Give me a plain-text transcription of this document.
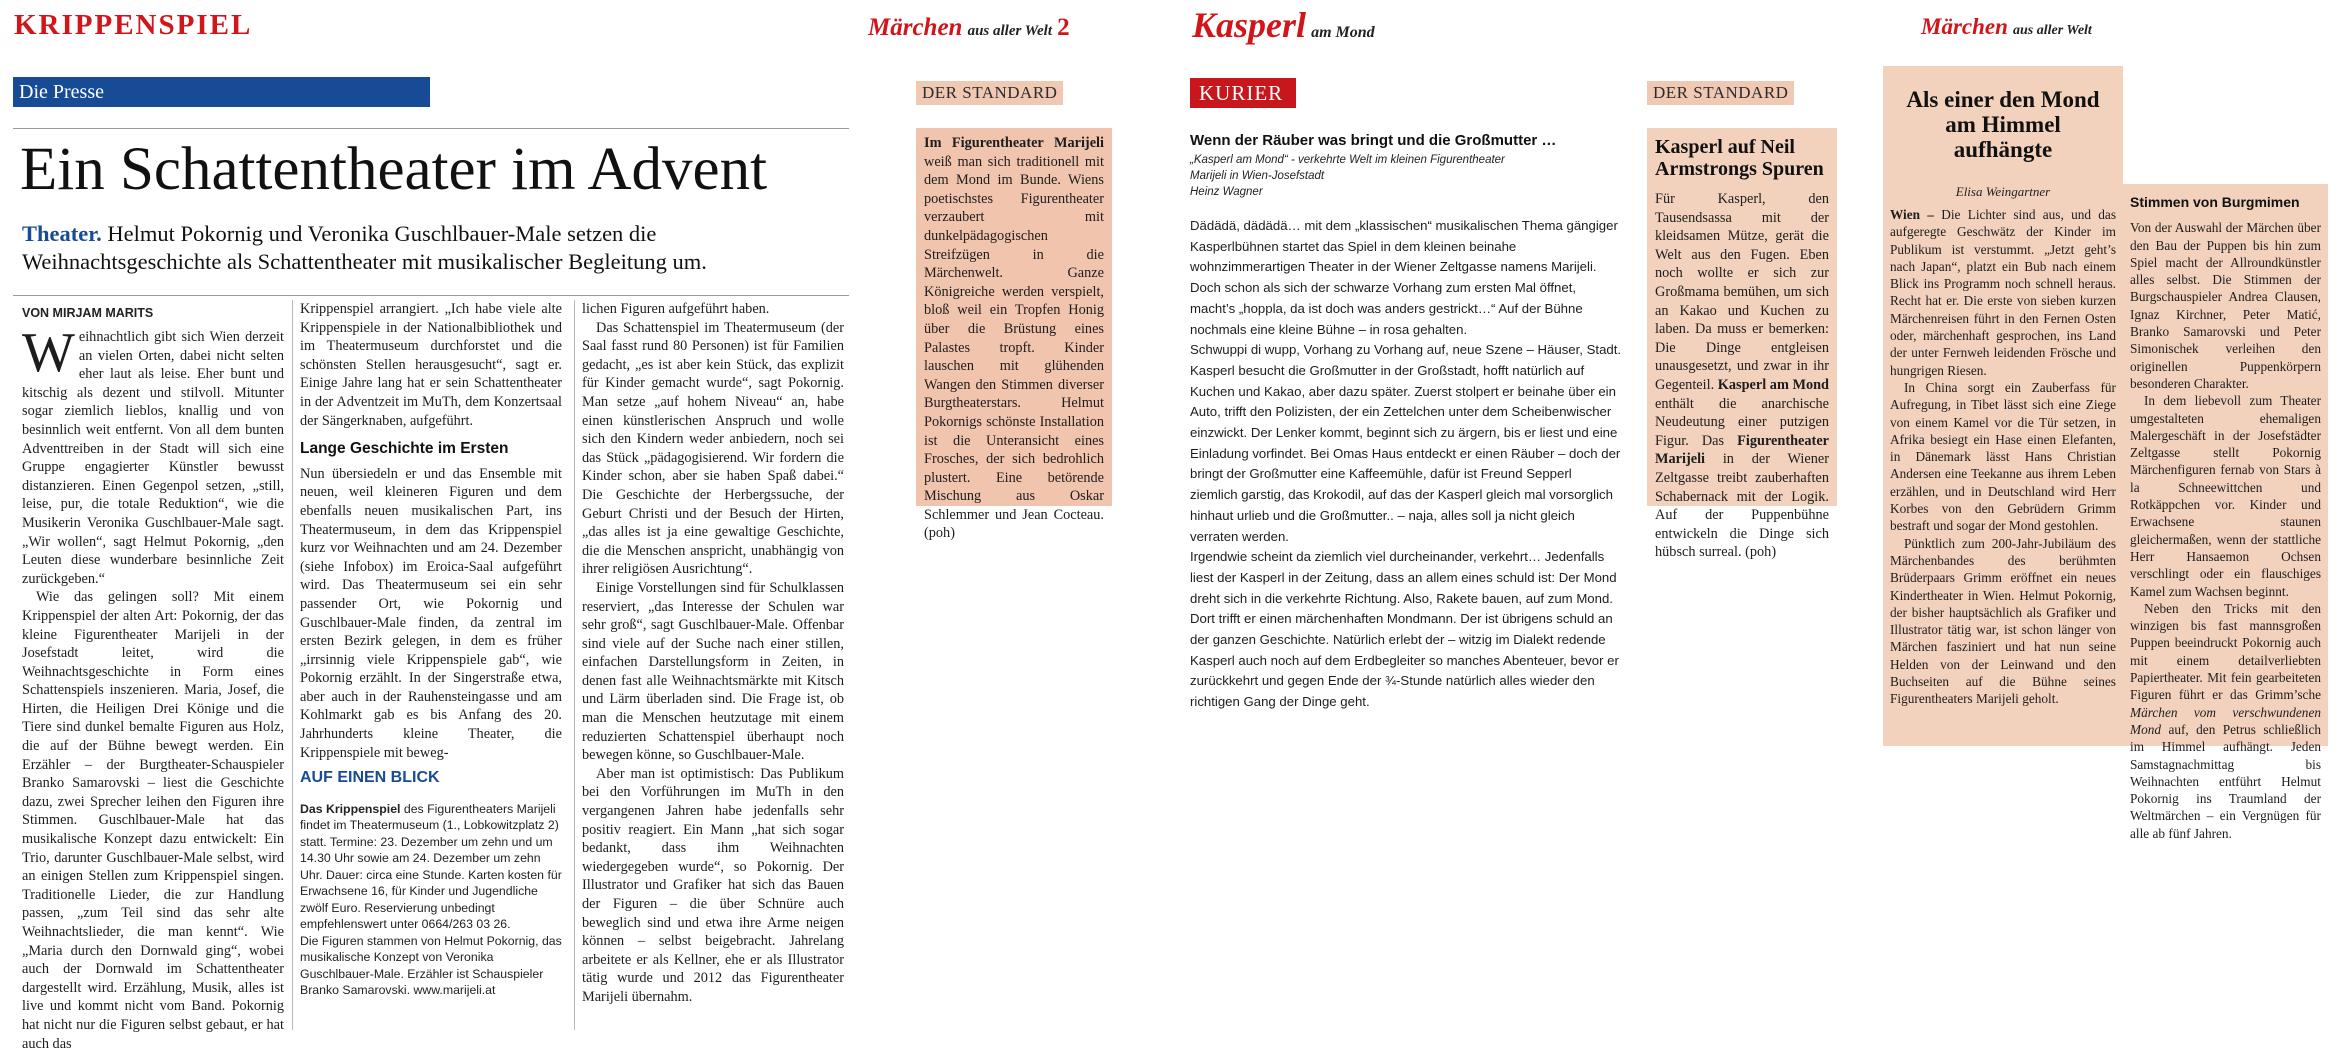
KRIPPENSPIEL	Märchen aus aller Welt 2	Kasperl am Mond	Märchen aus aller Welt
Die Presse
Ein Schattentheater im Advent
Theater. Helmut Pokornig und Veronika Guschlbauer-Male setzen die Weihnachtsgeschichte als Schattentheater mit musikalischer Begleitung um.
VON MIRJAM MARITS

Weihnachtlich gibt sich Wien derzeit an vielen Orten, dabei nicht selten eher laut als leise. Eher bunt und kitschig als dezent und stilvoll. Mitunter sogar ziemlich lieblos, knallig und von besinnlich weit entfernt. Von all dem bunten Adventtreiben in der Stadt will sich eine Gruppe engagierter Künstler bewusst distanzieren. Einen Gegenpol setzen, „still, leise, pur, die totale Reduktion“, wie die Musikerin Veronika Guschlbauer-Male sagt. „Wir wollen“, sagt Helmut Pokornig, „den Leuten diese wunderbare besinnliche Zeit zurückgeben.“

Wie das gelingen soll? Mit einem Krippenspiel der alten Art: Pokornig, der das kleine Figurentheater Marijeli in der Josefstadt leitet, wird die Weihnachtsgeschichte in Form eines Schattenspiels inszenieren. Maria, Josef, die Hirten, die Heiligen Drei Könige und die Tiere sind dunkel bemalte Figuren aus Holz, die auf der Bühne bewegt werden. Ein Erzähler – der Burgtheater-Schauspieler Branko Samarovski – liest die Geschichte dazu, zwei Sprecher leihen den Figuren ihre Stimmen. Guschlbauer-Male hat das musikalische Konzept dazu entwickelt: Ein Trio, darunter Guschlbauer-Male selbst, wird an einigen Stellen zum Krippenspiel singen. Traditionelle Lieder, die zur Handlung passen, „zum Teil sind das sehr alte Weihnachtslieder, die man kennt“. Wie „Maria durch den Dornwald ging“, wobei auch der Dornwald im Schattentheater dargestellt wird. Erzählung, Musik, alles ist live und kommt nicht vom Band. Pokornig hat nicht nur die Figuren selbst gebaut, er hat auch das

Krippenspiel arrangiert. „Ich habe viele alte Krippenspiele in der Nationalbibliothek und im Theatermuseum durchforstet und die schönsten Stellen herausgesucht“, sagt er. Einige Jahre lang hat er sein Schattentheater in der Adventzeit im MuTh, dem Konzertsaal der Sängerknaben, aufgeführt.

Lange Geschichte im Ersten

Nun übersiedeln er und das Ensemble mit neuen, weil kleineren Figuren und dem ebenfalls neuen musikalischen Part, ins Theatermuseum, in dem das Krippenspiel kurz vor Weihnachten und am 24. Dezember (siehe Infobox) im Eroica-Saal aufgeführt wird. Das Theatermuseum sei ein sehr passender Ort, wie Pokornig und Guschlbauer-Male finden, da zentral im ersten Bezirk gelegen, in dem es früher „irrsinnig viele Krippenspiele gab“, wie Pokornig erzählt. In der Singerstraße etwa, aber auch in der Rauhensteingasse und am Kohlmarkt gab es bis Anfang des 20. Jahrhunderts kleine Theater, die Krippenspiele mit beweg-

AUF EINEN BLICK
Das Krippenspiel des Figurentheaters Marijeli findet im Theatermuseum (1., Lobkowitzplatz 2) statt. Termine: 23. Dezember um zehn und um 14.30 Uhr sowie am 24. Dezember um zehn Uhr. Dauer: circa eine Stunde. Karten kosten für Erwachsene 16, für Kinder und Jugendliche zwölf Euro. Reservierung unbedingt empfehlenswert unter 0664/263 03 26.
Die Figuren stammen von Helmut Pokornig, das musikalische Konzept von Veronika Guschlbauer-Male. Erzähler ist Schauspieler Branko Samarovski. www.marijeli.at

lichen Figuren aufgeführt haben.

Das Schattenspiel im Theatermuseum (der Saal fasst rund 80 Personen) ist für Familien gedacht, „es ist aber kein Stück, das explizit für Kinder gemacht wurde“, sagt Pokornig. Man setze „auf hohem Niveau“ an, habe einen künstlerischen Anspruch und wolle sich den Kindern weder anbiedern, noch sei das Stück „pädagogisierend. Wir fordern die Kinder schon, aber sie haben Spaß dabei.“ Die Geschichte der Herbergssuche, der Geburt Christi und der Besuch der Hirten, „das alles ist ja eine gewaltige Geschichte, die die Menschen anspricht, unabhängig von ihrer religiösen Ausrichtung“.

Einige Vorstellungen sind für Schulklassen reserviert, „das Interesse der Schulen war sehr groß“, sagt Guschlbauer-Male. Offenbar sind viele auf der Suche nach einer stillen, einfachen Darstellungsform in Zeiten, in denen fast alle Weihnachtsmärkte mit Kitsch und Lärm überladen sind. Die Frage ist, ob man die Menschen heutzutage mit einem reduzierten Schattenspiel überhaupt noch bewegen könne, so Guschlbauer-Male.

Aber man ist optimistisch: Das Publikum bei den Vorführungen im MuTh in den vergangenen Jahren habe jedenfalls sehr positiv reagiert. Ein Mann „hat sich sogar bedankt, dass ihm Weihnachten wiedergegeben wurde“, so Pokornig. Der Illustrator und Grafiker hat sich das Bauen der Figuren – die über Schnüre auch beweglich sind und etwa ihre Arme neigen können – selbst beigebracht. Jahrelang arbeitete er als Kellner, ehe er als Illustrator tätig wurde und 2012 das Figurentheater Marijeli übernahm.

DER STANDARD
Im Figurentheater Marijeli weiß man sich traditionell mit dem Mond im Bunde. Wiens poetischstes Figurentheater verzaubert mit dunkelpädagogischen Streifzügen in die Märchenwelt. Ganze Königreiche werden verspielt, bloß weil ein Tropfen Honig über die Brüstung eines Palastes tropft. Kinder lauschen mit glühenden Wangen den Stimmen diverser Burgtheaterstars. Helmut Pokornigs schönste Installation ist die Unteransicht eines Frosches, der sich bedrohlich plustert. Eine betörende Mischung aus Oskar Schlemmer und Jean Cocteau. (poh)
KURIER
Wenn der Räuber was bringt und die Großmutter …
„Kasperl am Mond“ - verkehrte Welt im kleinen Figurentheater
Marijeli in Wien-Josefstadt
Heinz Wagner
Dädädä, dädädä… mit dem „klassischen“ musikalischen Thema gängiger Kasperlbühnen startet das Spiel in dem kleinen beinahe wohnzimmerartigen Theater in der Wiener Zeltgasse namens Marijeli. Doch schon als sich der schwarze Vorhang zum ersten Mal öffnet, macht’s „hoppla, da ist doch was anders gestrickt…“ Auf der Bühne nochmals eine kleine Bühne – in rosa gehalten.
Schwuppi di wupp, Vorhang zu Vorhang auf, neue Szene – Häuser, Stadt. Kasperl besucht die Großmutter in der Großstadt, hofft natürlich auf Kuchen und Kakao, aber dazu später. Zuerst stolpert er beinahe über ein Auto, trifft den Polizisten, der ein Zettelchen unter dem Scheibenwischer einzwickt. Der Lenker kommt, beginnt sich zu ärgern, bis er liest und eine Einladung vorfindet. Bei Omas Haus entdeckt er einen Räuber – doch der bringt der Großmutter eine Kaffeemühle, dafür ist Freund Sepperl ziemlich garstig, das Krokodil, auf das der Kasperl gleich mal vorsorglich hinhaut urlieb und die Großmutter.. – naja, alles soll ja nicht gleich verraten werden.
Irgendwie scheint da ziemlich viel durcheinander, verkehrt… Jedenfalls liest der Kasperl in der Zeitung, dass an allem eines schuld ist: Der Mond dreht sich in die verkehrte Richtung. Also, Rakete bauen, auf zum Mond. Dort trifft er einen märchenhaften Mondmann. Der ist übrigens schuld an der ganzen Geschichte. Natürlich erlebt der – witzig im Dialekt redende Kasperl auch noch auf dem Erdbegleiter so manches Abenteuer, bevor er zurückkehrt und gegen Ende der ¾-Stunde natürlich alles wieder den richtigen Gang der Dinge geht.
DER STANDARD
Kasperl auf Neil Armstrongs Spuren
Für Kasperl, den Tausendsassa mit der kleidsamen Mütze, gerät die Welt aus den Fugen. Eben noch wollte er sich zur Großmama bemühen, um sich an Kakao und Kuchen zu laben. Da muss er bemerken: Die Dinge entgleisen unausgesetzt, und zwar in ihr Gegenteil. Kasperl am Mond enthält die anarchische Neudeutung einer putzigen Figur. Das Figurentheater Marijeli in der Wiener Zeltgasse treibt zauberhaften Schabernack mit der Logik. Auf der Puppenbühne entwickeln die Dinge sich hübsch surreal. (poh)
Als einer den Mond am Himmel aufhängte
Elisa Weingartner

Wien – Die Lichter sind aus, und das aufgeregte Geschwätz der Kinder im Publikum ist verstummt. „Jetzt geht’s nach Japan“, platzt ein Bub nach einem Blick ins Programm noch schnell heraus. Recht hat er. Die erste von sieben kurzen Märchenreisen führt in den Fernen Osten oder, märchenhaft gesprochen, ins Land der unter Fernweh leidenden Frösche und hungrigen Riesen.

In China sorgt ein Zauberfass für Aufregung, in Tibet lässt sich eine Ziege von einem Kamel vor die Tür setzen, in Afrika besiegt ein Hase einen Elefanten, in Dänemark lässt Hans Christian Andersen eine Teekanne aus ihrem Leben erzählen, und in Deutschland wird Herr Korbes von den Gebrüdern Grimm bestraft und sogar der Mond gestohlen.

Pünktlich zum 200-Jahr-Jubiläum des Märchenbandes des berühmten Brüderpaars Grimm eröffnet ein neues Kindertheater in Wien. Helmut Pokornig, der bisher hauptsächlich als Grafiker und Illustrator tätig war, ist schon länger von Märchen fasziniert und hat nun seine Helden von der Leinwand und den Buchseiten auf die Bühne seines Figurentheaters Marijeli geholt.

Stimmen von Burgmimen

Von der Auswahl der Märchen über den Bau der Puppen bis hin zum Spiel macht der Allroundkünstler alles selbst. Die Stimmen der Burgschauspieler Andrea Clausen, Ignaz Kirchner, Peter Matić, Branko Samarovski und Peter Simonischek verleihen den originellen Puppenkörpern besonderen Charakter.

In dem liebevoll zum Theater umgestalteten ehemaligen Malergeschäft in der Josefstädter Zeltgasse stellt Pokornig Märchenfiguren fernab von Stars à la Schneewittchen und Rotkäppchen vor. Kinder und Erwachsene staunen gleichermaßen, wenn der stattliche Herr Hansaemon Ochsen verschlingt oder ein flauschiges Kamel zum Wachsen beginnt.

Neben den Tricks mit den winzigen bis fast mannsgroßen Puppen beeindruckt Pokornig auch mit einem detailverliebten Papiertheater. Mit fein gearbeiteten Figuren führt er das Grimm’sche Märchen vom verschwundenen Mond auf, den Petrus schließlich im Himmel aufhängt. Jeden Samstagnachmittag bis Weihnachten entführt Helmut Pokornig ins Traumland der Weltmärchen – ein Vergnügen für alle ab fünf Jahren.
